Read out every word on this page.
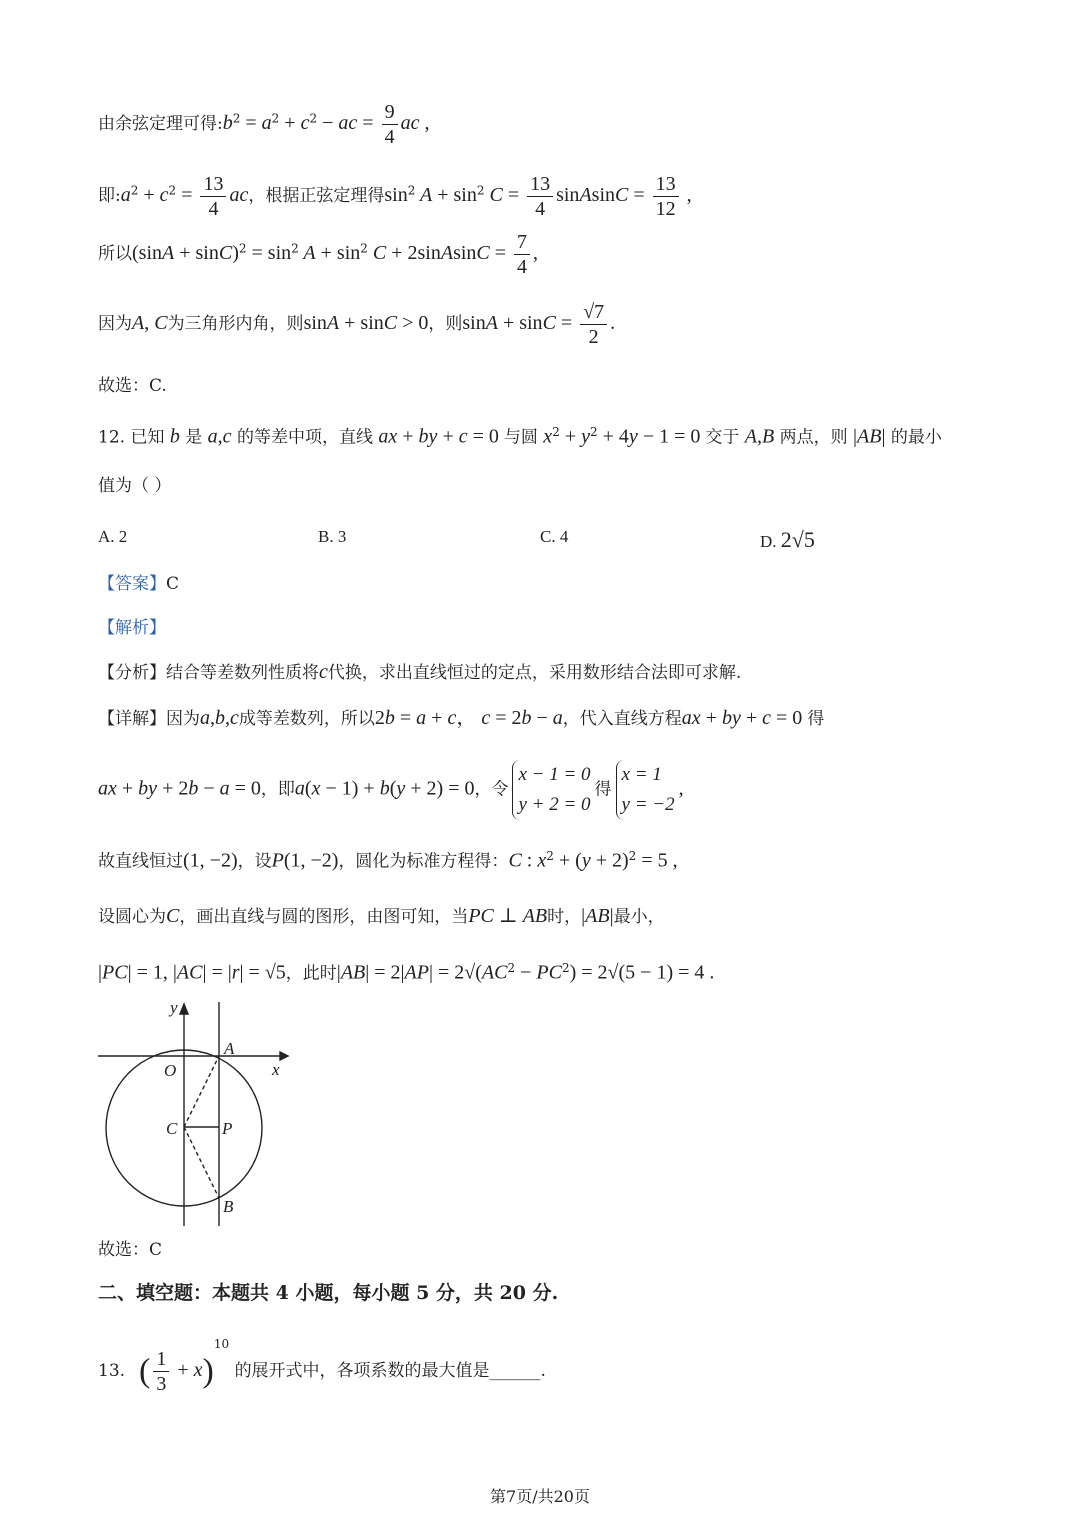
由余弦定理可得$:b^2 = a^2 + c^2$ − ac = $\frac{9}{4}$ ac ,
即$:a^2 + c^2 = \frac{13}{4}$ ac，根据正弦定理得$\sin^2 A + \sin^2 C = \frac{13}{4}$ sinAsinC = $\frac{13}{12}$ ,
所以$(\sin A + \sin C)^2 = \sin^2 A + \sin^2 C$ + 2sinAsinC = $\frac{7}{4}$ ,
因为A, C为三角形内角，则sinA + sinC > 0，则$\sin A + \sin C = \frac{√7}{2}$ .
故选：C.
12. 已知 b 是 a,c 的等差中项，直线 ax + by + c = 0 与圆 $x^2 + y^2 + 4y - 1 = 0$ 交于 A,B 两点，则 |AB| 的最小
值为（ ）
A. 2	B. 3	C. 4	D. 2√5
【答案】C
【解析】
【分析】结合等差数列性质将c代换，求出直线恒过的定点，采用数形结合法即可求解.
【详解】因为a,b,c成等差数列，所以2b = a + c， c = 2b − a，代入直线方程ax + by + c = 0 得
ax + by + 2b − a = 0，即a(x − 1) + b(y + 2) = 0，令
x − 1 = 0
y + 2 = 0
得
x = 1
y = −2
,
故直线恒过(1, −2)，设P(1, −2)，圆化为标准方程得：C : $x^2 + (y + 2)^2 = 5$ ,
设圆心为C，画出直线与圆的图形，由图可知，当PC ⊥ AB时，|AB|最小，
|PC| = 1, |AC| = |r| = √5，此时$|AB| = 2|AP| = 2√(AC^2 - PC^2) = 2√(5 - 1) = 4$ .
y
x
O
A
C	P
B
故选：C
二、填空题：本题共 4 小题，每小题 5 分，共 20 分.
13. ( $\frac{1}{3} + x)^{10}$ 的展开式中，各项系数的最大值是______.
第7页/共20页
